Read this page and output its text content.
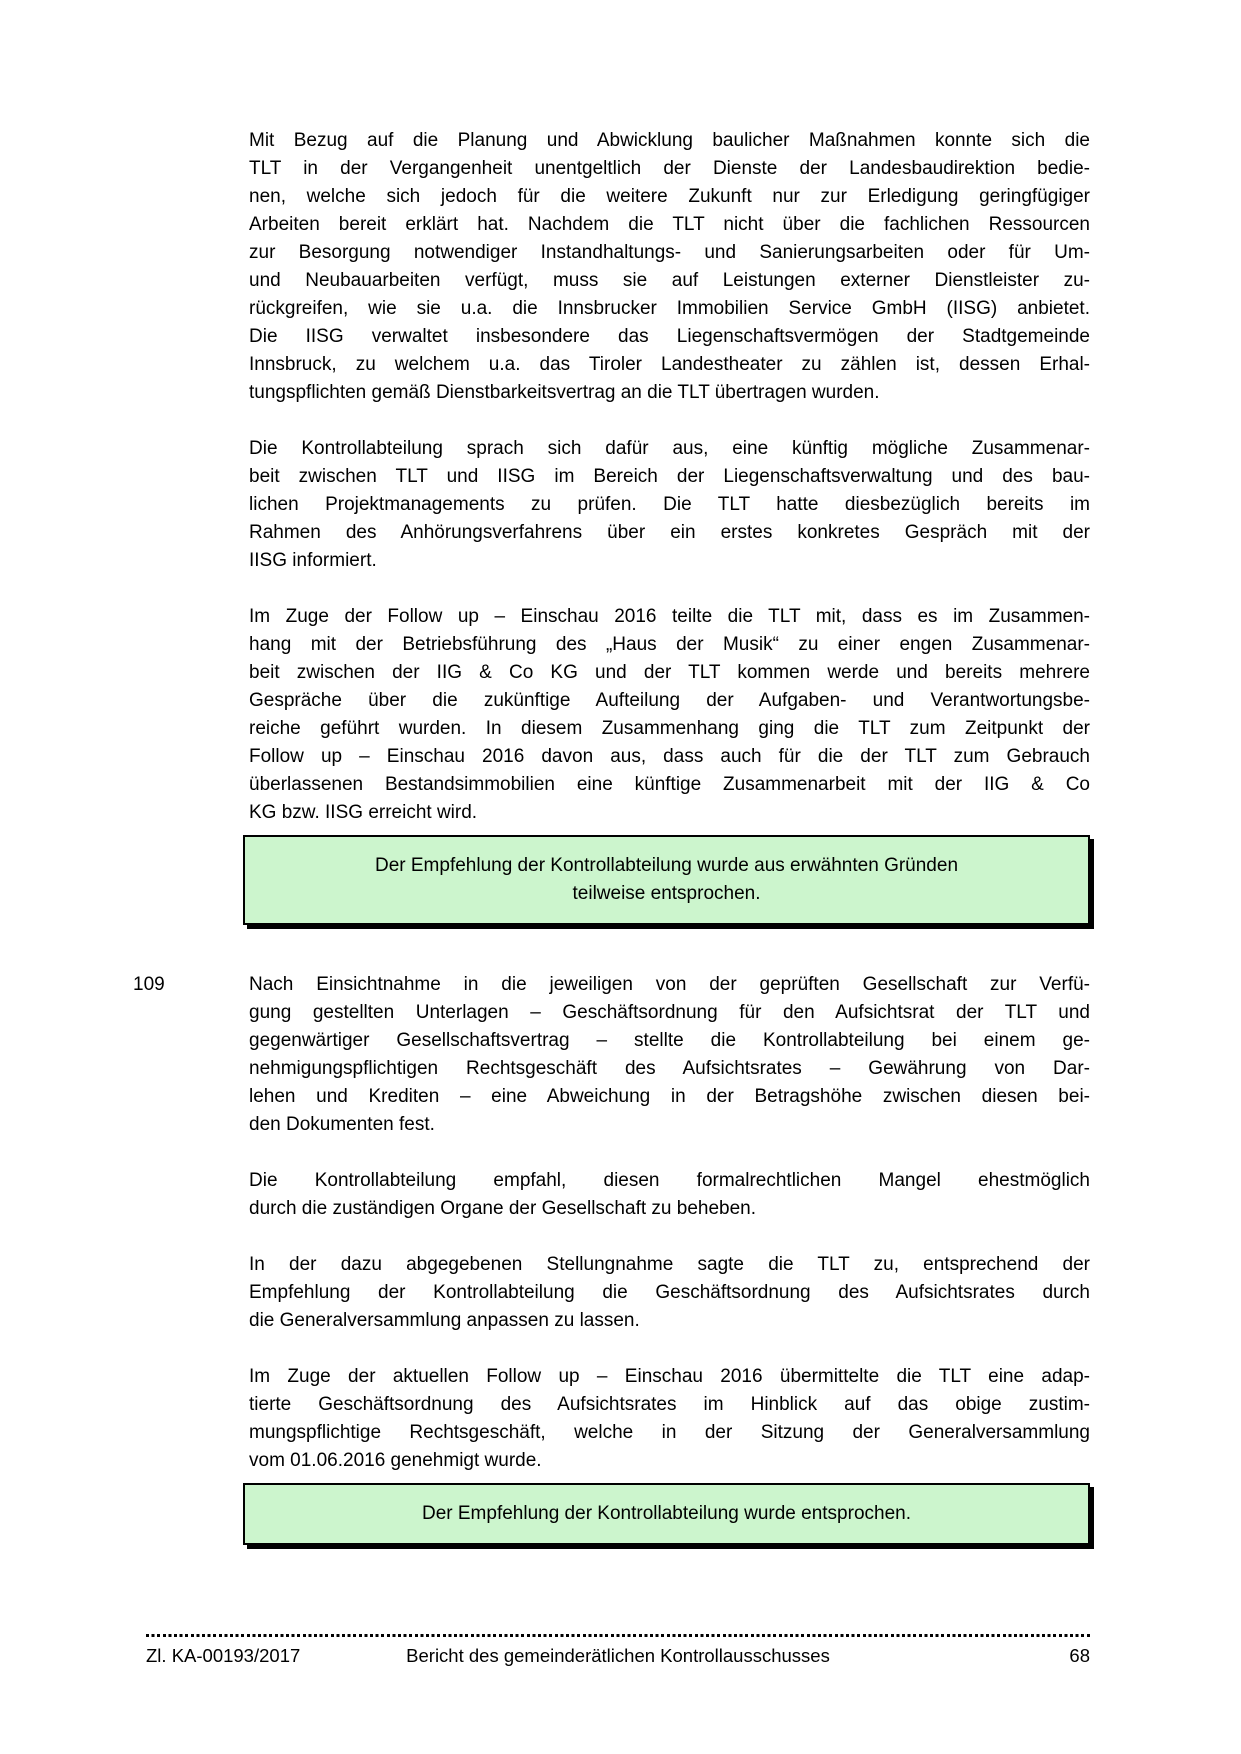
Mit Bezug auf die Planung und Abwicklung baulicher Maßnahmen konnte sich die
TLT in der Vergangenheit unentgeltlich der Dienste der Landesbaudirektion bedie-
nen, welche sich jedoch für die weitere Zukunft nur zur Erledigung geringfügiger
Arbeiten bereit erklärt hat. Nachdem die TLT nicht über die fachlichen Ressourcen
zur Besorgung notwendiger Instandhaltungs- und Sanierungsarbeiten oder für Um-
und Neubauarbeiten verfügt, muss sie auf Leistungen externer Dienstleister zu-
rückgreifen, wie sie u.a. die Innsbrucker Immobilien Service GmbH (IISG) anbietet.
Die IISG verwaltet insbesondere das Liegenschaftsvermögen der Stadtgemeinde
Innsbruck, zu welchem u.a. das Tiroler Landestheater zu zählen ist, dessen Erhal-
tungspflichten gemäß Dienstbarkeitsvertrag an die TLT übertragen wurden.
Die Kontrollabteilung sprach sich dafür aus, eine künftig mögliche Zusammenar-
beit zwischen TLT und IISG im Bereich der Liegenschaftsverwaltung und des bau-
lichen Projektmanagements zu prüfen. Die TLT hatte diesbezüglich bereits im
Rahmen des Anhörungsverfahrens über ein erstes konkretes Gespräch mit der
IISG informiert.
Im Zuge der Follow up – Einschau 2016 teilte die TLT mit, dass es im Zusammen-
hang mit der Betriebsführung des „Haus der Musik“ zu einer engen Zusammenar-
beit zwischen der IIG & Co KG und der TLT kommen werde und bereits mehrere
Gespräche über die zukünftige Aufteilung der Aufgaben- und Verantwortungsbe-
reiche geführt wurden. In diesem Zusammenhang ging die TLT zum Zeitpunkt der
Follow up – Einschau 2016 davon aus, dass auch für die der TLT zum Gebrauch
überlassenen Bestandsimmobilien eine künftige Zusammenarbeit mit der IIG & Co
KG bzw. IISG erreicht wird.
Der Empfehlung der Kontrollabteilung wurde aus erwähnten Gründen
teilweise entsprochen.
109	Nach Einsichtnahme in die jeweiligen von der geprüften Gesellschaft zur Verfü-
gung gestellten Unterlagen – Geschäftsordnung für den Aufsichtsrat der TLT und
gegenwärtiger Gesellschaftsvertrag – stellte die Kontrollabteilung bei einem ge-
nehmigungspflichtigen Rechtsgeschäft des Aufsichtsrates – Gewährung von Dar-
lehen und Krediten – eine Abweichung in der Betragshöhe zwischen diesen bei-
den Dokumenten fest.
Die Kontrollabteilung empfahl, diesen formalrechtlichen Mangel ehestmöglich
durch die zuständigen Organe der Gesellschaft zu beheben.
In der dazu abgegebenen Stellungnahme sagte die TLT zu, entsprechend der
Empfehlung der Kontrollabteilung die Geschäftsordnung des Aufsichtsrates durch
die Generalversammlung anpassen zu lassen.
Im Zuge der aktuellen Follow up – Einschau 2016 übermittelte die TLT eine adap-
tierte Geschäftsordnung des Aufsichtsrates im Hinblick auf das obige zustim-
mungspflichtige Rechtsgeschäft, welche in der Sitzung der Generalversammlung
vom 01.06.2016 genehmigt wurde.
Der Empfehlung der Kontrollabteilung wurde entsprochen.
Zl. KA-00193/2017	Bericht des gemeinderätlichen Kontrollausschusses	68
